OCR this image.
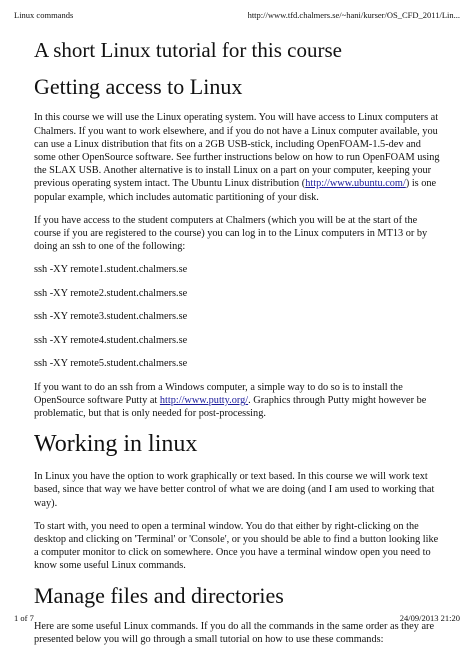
Linux commands	http://www.tfd.chalmers.se/~hani/kurser/OS_CFD_2011/Lin...
A short Linux tutorial for this course
Getting access to Linux

In this course we will use the Linux operating system. You will have access to Linux computers at Chalmers. If you want to work elsewhere, and if you do not have a Linux computer available, you can use a Linux distribution that fits on a 2GB USB-stick, including OpenFOAM-1.5-dev and some other OpenSource software. See further instructions below on how to run OpenFOAM using the SLAX USB. Another alternative is to install Linux on a part on your computer, keeping your previous operating system intact. The Ubuntu Linux distribution (http://www.ubuntu.com/) is one popular example, which includes automatic partitioning of your disk.

If you have access to the student computers at Chalmers (which you will be at the start of the course if you are registered to the course) you can log in to the Linux computers in MT13 or by doing an ssh to one of the following:

ssh -XY remote1.student.chalmers.se
ssh -XY remote2.student.chalmers.se
ssh -XY remote3.student.chalmers.se
ssh -XY remote4.student.chalmers.se
ssh -XY remote5.student.chalmers.se

If you want to do an ssh from a Windows computer, a simple way to do so is to install the OpenSource software Putty at http://www.putty.org/. Graphics through Putty might however be problematic, but that is only needed for post-processing.

Working in linux

In Linux you have the option to work graphically or text based. In this course we will work text based, since that way we have better control of what we are doing (and I am used to working that way).

To start with, you need to open a terminal window. You do that either by right-clicking on the desktop and clicking on 'Terminal' or 'Console', or you should be able to find a button looking like a computer monitor to click on somewhere. Once you have a terminal window open you need to know some useful Linux commands.

Manage files and directories

Here are some useful Linux commands. If you do all the commands in the same order as they are presented below you will go through a small tutorial on how to use these commands:

1 of 7	24/09/2013 21:20
